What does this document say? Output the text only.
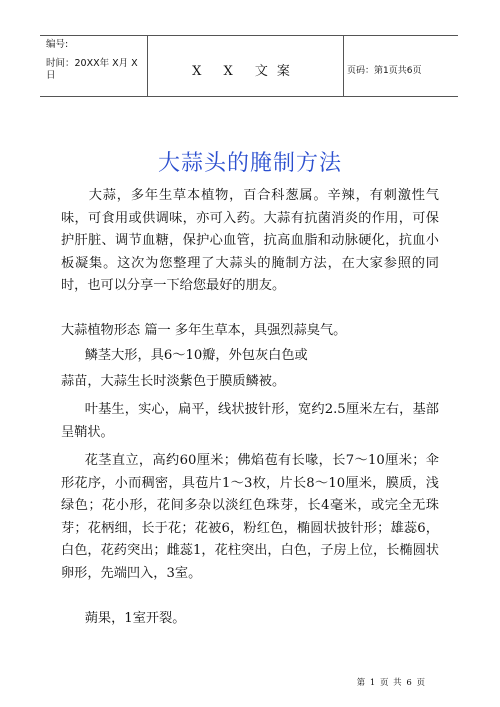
编号:
时间：20XX年 X月 X日	X X 文案	页码：第1页共6页
大蒜头的腌制方法

大蒜，多年生草本植物，百合科葱属。辛辣，有刺激性气味，可食用或供调味，亦可入药。大蒜有抗菌消炎的作用，可保护肝脏、调节血糖，保护心血管，抗高血脂和动脉硬化，抗血小板凝集。这次为您整理了大蒜头的腌制方法，在大家参照的同时，也可以分享一下给您最好的朋友。

大蒜植物形态 篇一 多年生草本，具强烈蒜臭气。

鳞茎大形，具6～10瓣，外包灰白色或

蒜苗，大蒜生长时淡紫色于膜质鳞被。

叶基生，实心，扁平，线状披针形，宽约2.5厘米左右，基部呈鞘状。

花茎直立，高约60厘米；佛焰苞有长喙，长7～10厘米；伞形花序，小而稠密，具苞片1～3枚，片长8～10厘米，膜质，浅绿色；花小形，花间多杂以淡红色珠芽，长4毫米，或完全无珠芽；花柄细，长于花；花被6，粉红色，椭圆状披针形；雄蕊6，白色，花药突出；雌蕊1，花柱突出，白色，子房上位，长椭圆状卵形，先端凹入，3室。

蒴果，1室开裂。

第 1 页 共 6 页
